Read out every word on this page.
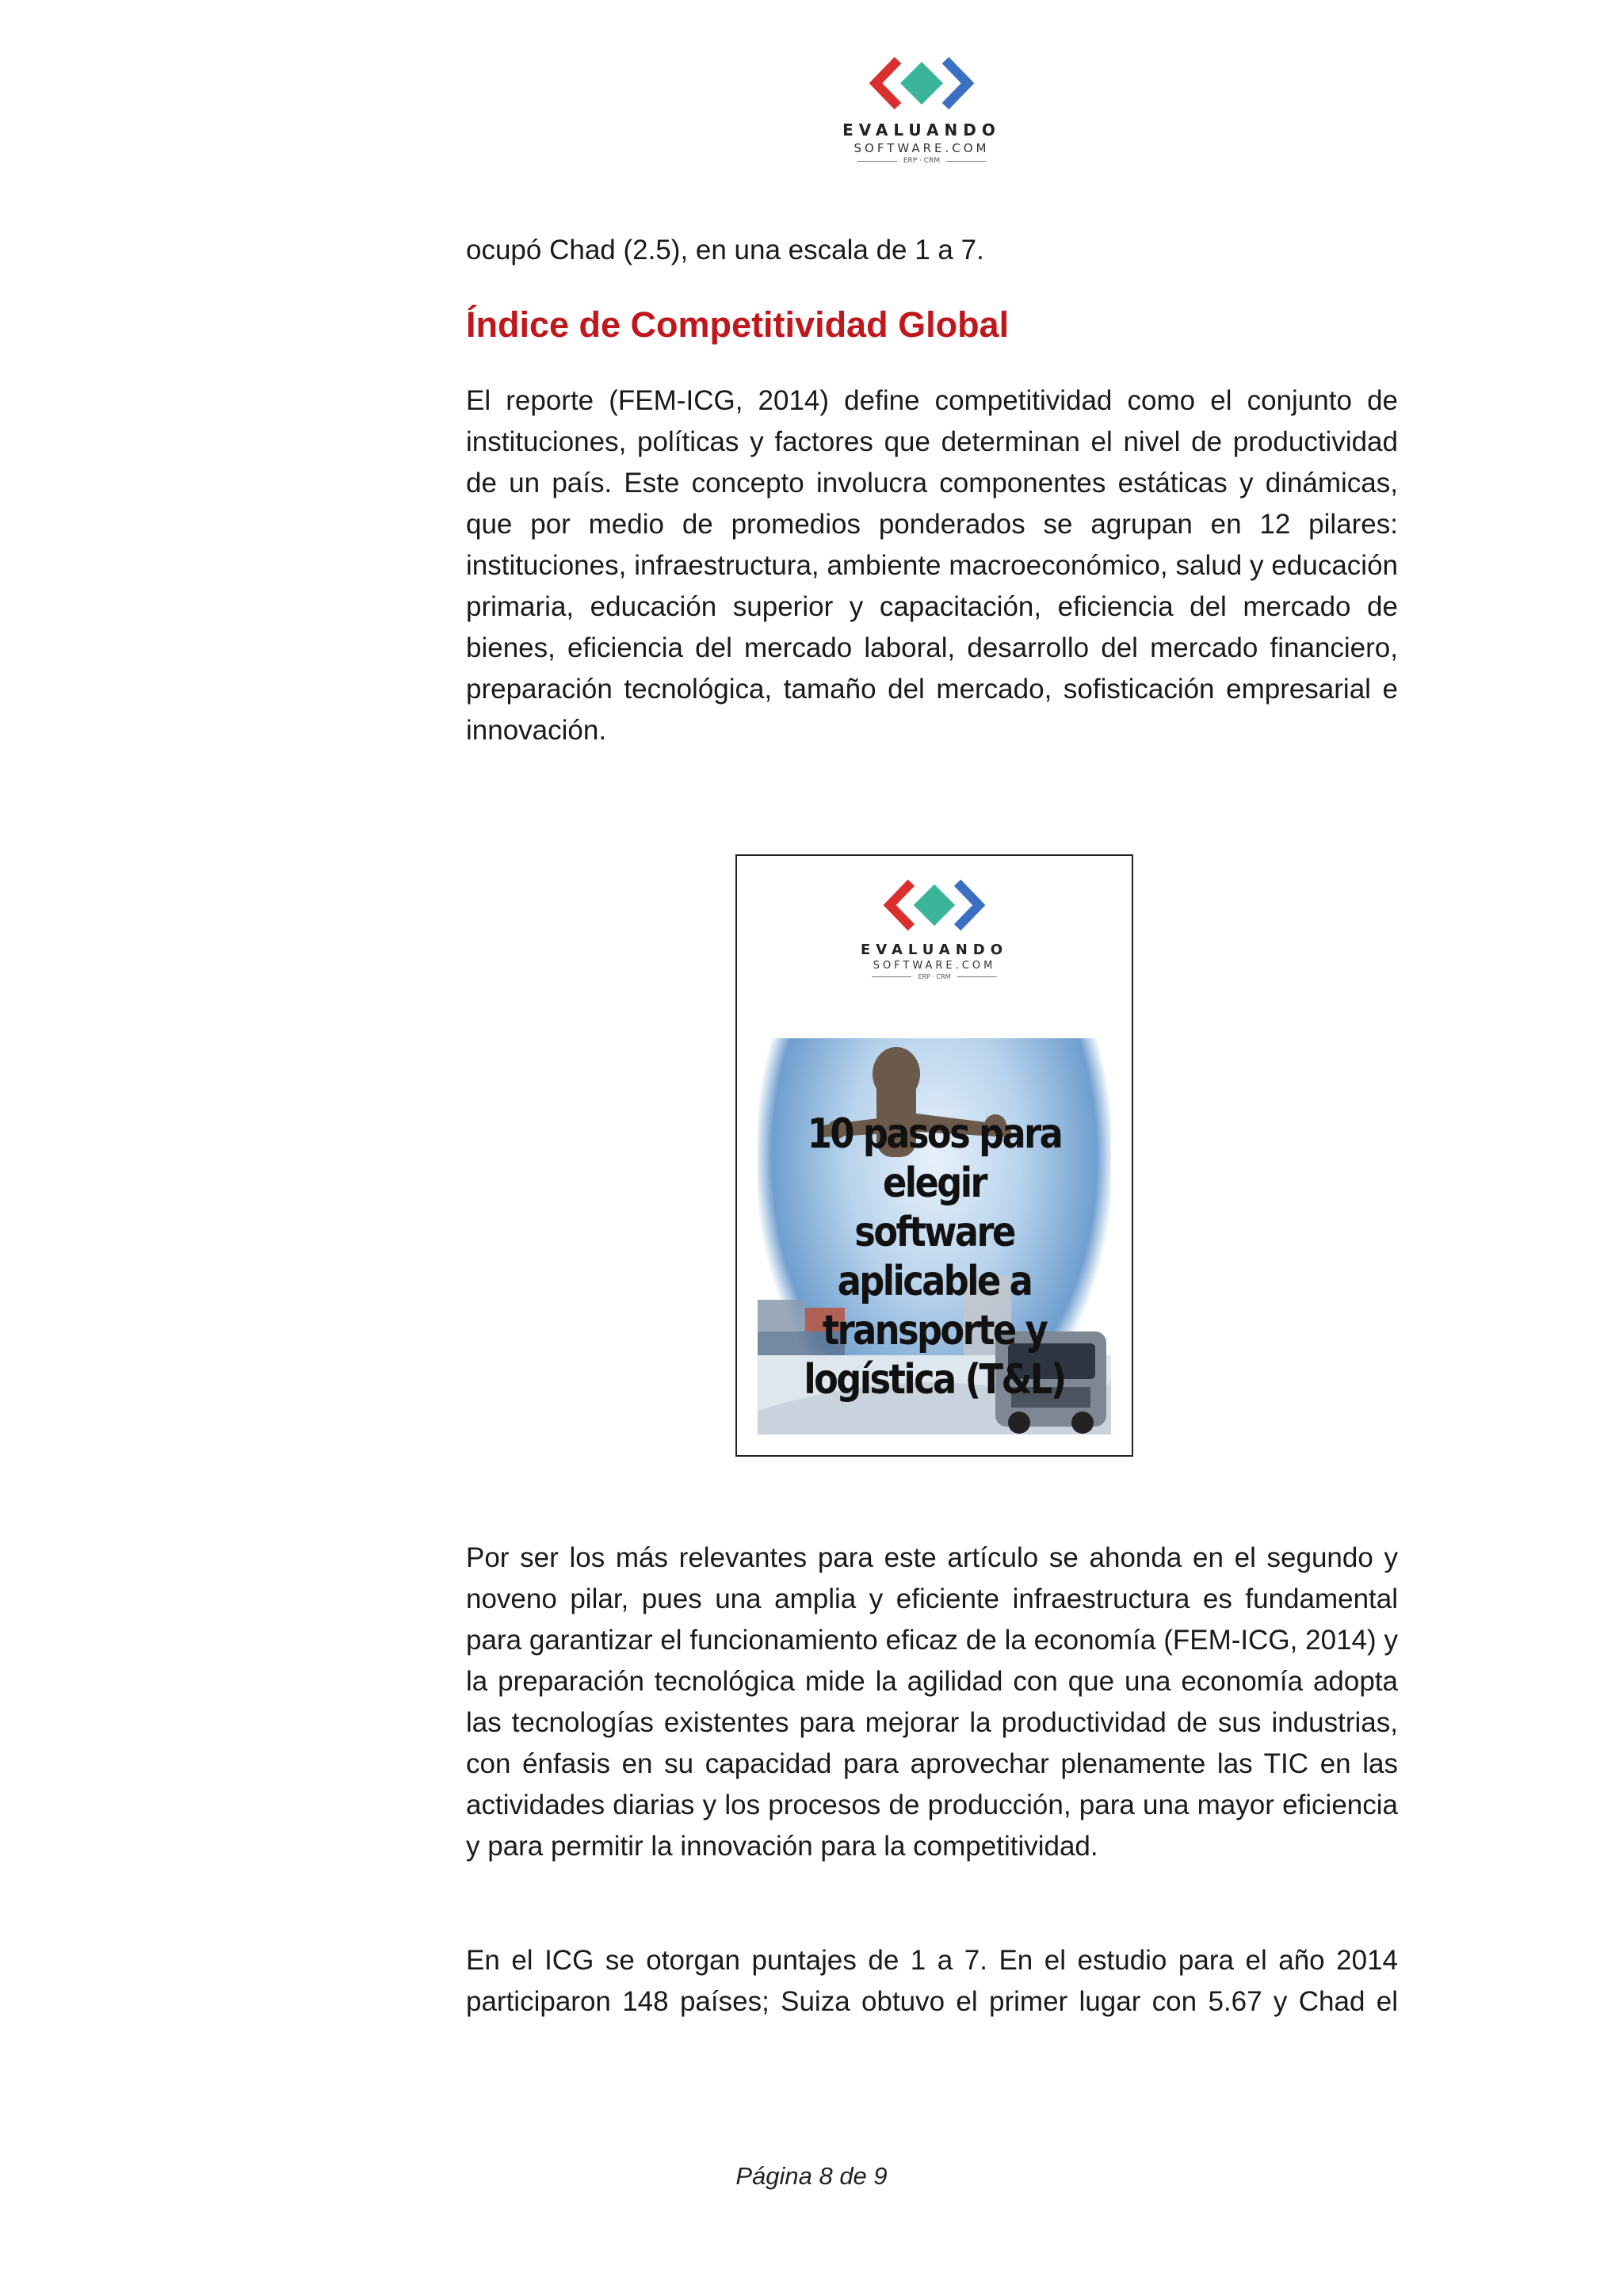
EVALUANDO
SOFTWARE.COM
ERP · CRM

ocupó Chad (2.5), en una escala de 1 a 7.

Índice de Competitividad Global

El reporte (FEM-ICG, 2014) define competitividad como el conjunto de instituciones, políticas y factores que determinan el nivel de productividad de un país. Este concepto involucra componentes estáticas y dinámicas, que por medio de promedios ponderados se agrupan en 12 pilares: instituciones, infraestructura, ambiente macroeconómico, salud y educación primaria, educación superior y capacitación, eficiencia del mercado de bienes, eficiencia del mercado laboral, desarrollo del mercado financiero, preparación tecnológica, tamaño del mercado, sofisticación empresarial e innovación.

EVALUANDO
SOFTWARE.COM
ERP · CRM
10 pasos para elegir
software aplicable a
transporte y
logística (T&L)

Por ser los más relevantes para este artículo se ahonda en el segundo y noveno pilar, pues una amplia y eficiente infraestructura es fundamental para garantizar el funcionamiento eficaz de la economía (FEM-ICG, 2014) y la preparación tecnológica mide la agilidad con que una economía adopta las tecnologías existentes para mejorar la productividad de sus industrias, con énfasis en su capacidad para aprovechar plenamente las TIC en las actividades diarias y los procesos de producción, para una mayor eficiencia y para permitir la innovación para la competitividad.

En el ICG se otorgan puntajes de 1 a 7. En el estudio para el año 2014 participaron 148 países; Suiza obtuvo el primer lugar con 5.67 y Chad el

Página 8 de 9
